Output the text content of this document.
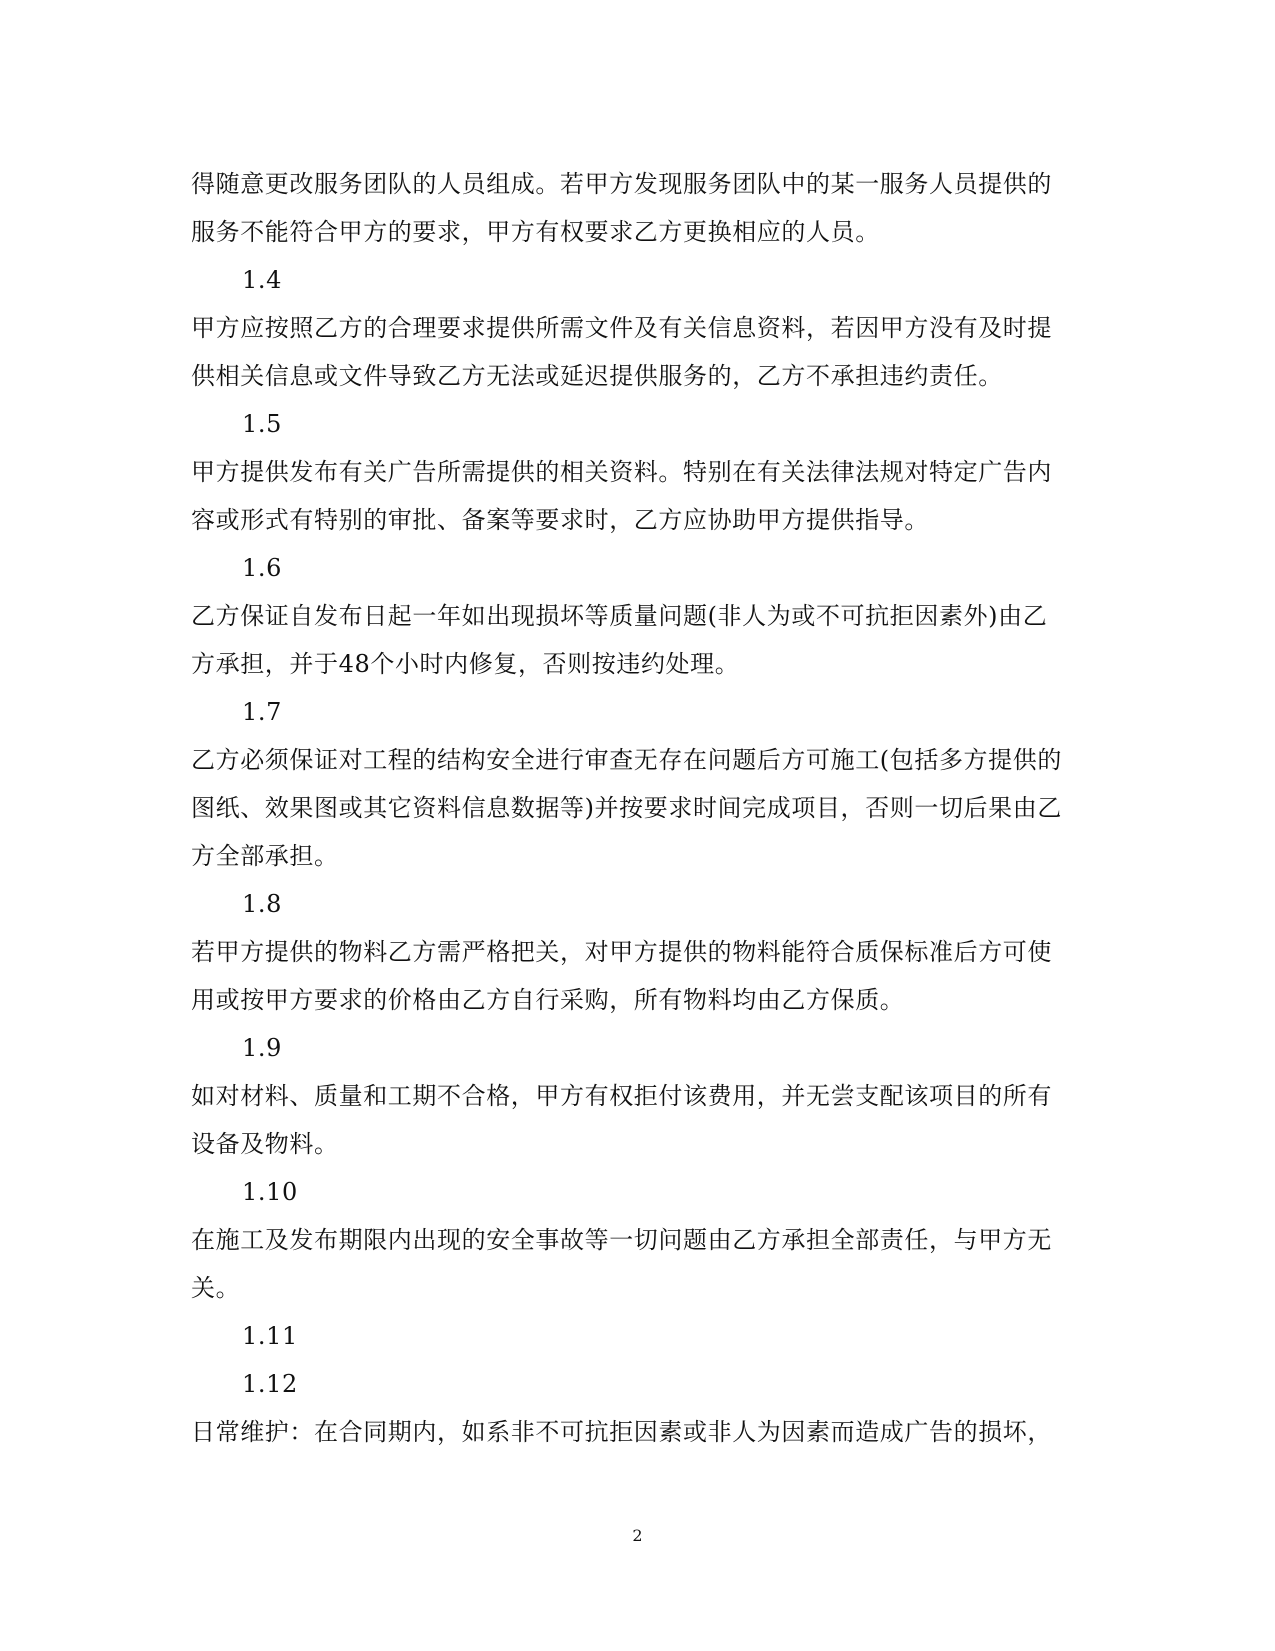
得随意更改服务团队的人员组成。若甲方发现服务团队中的某一服务人员提供的
服务不能符合甲方的要求，甲方有权要求乙方更换相应的人员。
1.4
甲方应按照乙方的合理要求提供所需文件及有关信息资料，若因甲方没有及时提
供相关信息或文件导致乙方无法或延迟提供服务的，乙方不承担违约责任。
1.5
甲方提供发布有关广告所需提供的相关资料。特别在有关法律法规对特定广告内
容或形式有特别的审批、备案等要求时，乙方应协助甲方提供指导。
1.6
乙方保证自发布日起一年如出现损坏等质量问题(非人为或不可抗拒因素外)由乙
方承担，并于48个小时内修复，否则按违约处理。
1.7
乙方必须保证对工程的结构安全进行审查无存在问题后方可施工(包括多方提供的
图纸、效果图或其它资料信息数据等)并按要求时间完成项目，否则一切后果由乙
方全部承担。
1.8
若甲方提供的物料乙方需严格把关，对甲方提供的物料能符合质保标准后方可使
用或按甲方要求的价格由乙方自行采购，所有物料均由乙方保质。
1.9
如对材料、质量和工期不合格，甲方有权拒付该费用，并无尝支配该项目的所有
设备及物料。
1.10
在施工及发布期限内出现的安全事故等一切问题由乙方承担全部责任，与甲方无
关。
1.11
1.12
日常维护：在合同期内，如系非不可抗拒因素或非人为因素而造成广告的损坏，
2
